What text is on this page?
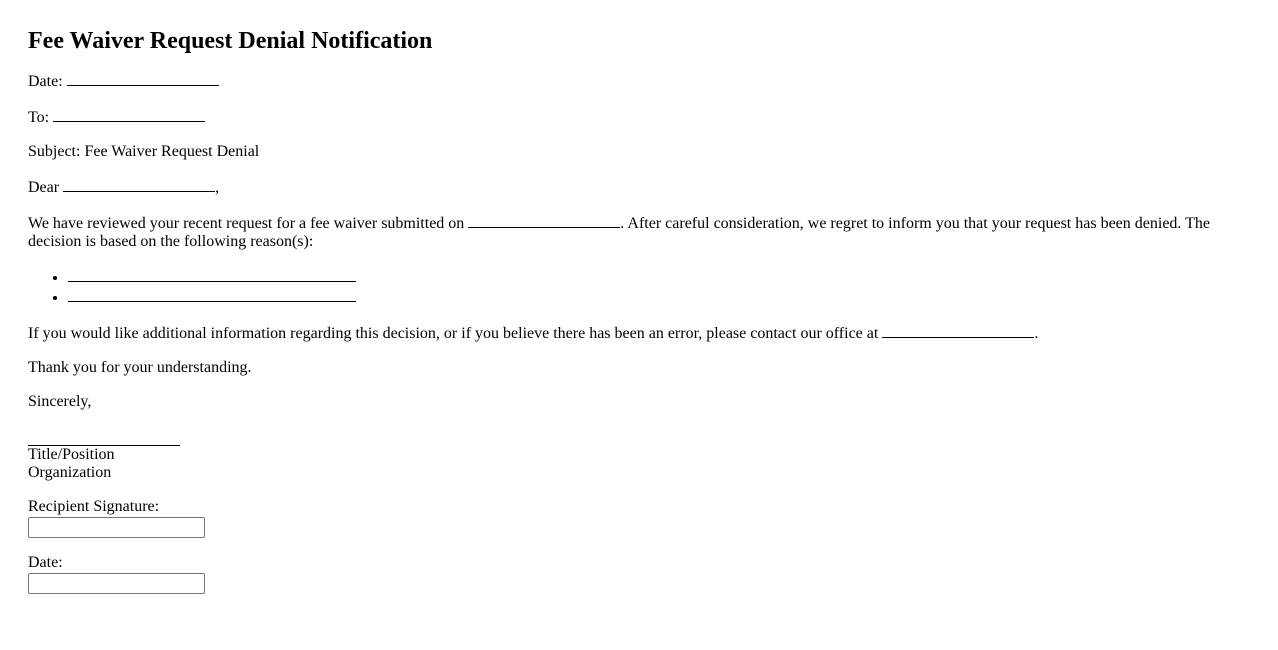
Fee Waiver Request Denial Notification

Date:

To:

Subject: Fee Waiver Request Denial

Dear	,

We have reviewed your recent request for a fee waiver submitted on	. After careful consideration, we regret to inform you that your request has been denied. The decision is based on the following reason(s):

•
•

If you would like additional information regarding this decision, or if you believe there has been an error, please contact our office at	.

Thank you for your understanding.

Sincerely,

Title/Position
Organization
Recipient Signature:
Date:
